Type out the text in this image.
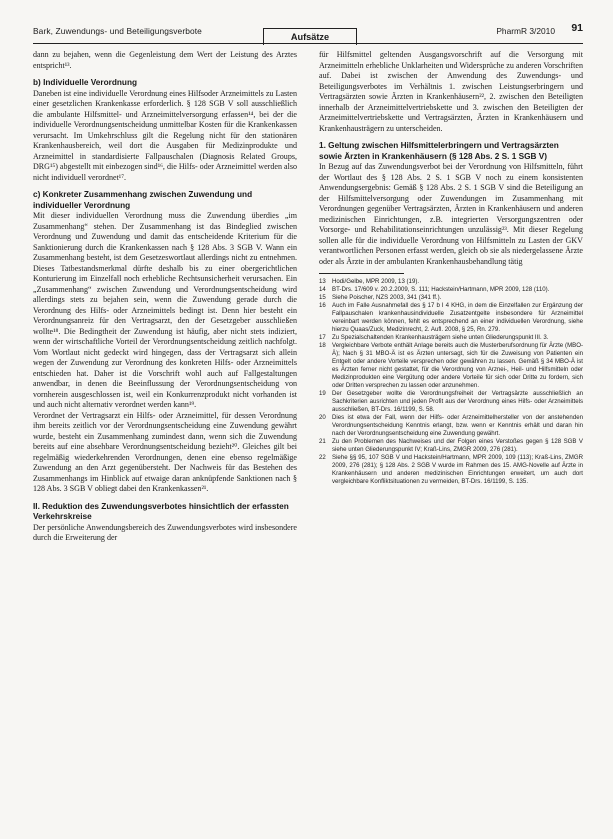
Bark, Zuwendungs- und Beteiligungsverbote
Aufsätze
PharmR 3/2010 91

dann zu bejahen, wenn die Gegenleistung dem Wert der Leistung des Arztes entspricht¹³.

b) Individuelle Verordnung

Daneben ist eine individuelle Verordnung eines Hilfsoder Arzneimittels zu Lasten einer gesetzlichen Krankenkasse erforderlich. § 128 SGB V soll ausschließlich die ambulante Hilfsmittel- und Arzneimittelversorgung erfassen¹⁴, bei der die individuelle Verordnungsentscheidung unmittelbar Kosten für die Krankenkassen verursacht. Im Umkehrschluss gilt die Regelung nicht für den stationären Krankenhausbereich, weil dort die Ausgaben für Medizinprodukte und Arzneimittel in standardisierte Fallpauschalen (Diagnosis Related Groups, DRG¹⁵) abgestellt mit einbezogen sind¹⁶, die Hilfs- oder Arzneimittel werden also nicht individuell verordnet¹⁷.

c) Konkreter Zusammenhang zwischen Zuwendung und individueller Verordnung

Mit dieser individuellen Verordnung muss die Zuwendung überdies „im Zusammenhang“ stehen. Der Zusammenhang ist das Bindeglied zwischen Verordnung und Zuwendung und damit das entscheidende Kriterium für die Sanktionierung durch die Krankenkassen nach § 128 Abs. 3 SGB V. Wann ein Zusammenhang besteht, ist dem Gesetzeswortlaut allerdings nicht zu entnehmen. Dieses Tatbestandsmerkmal dürfte deshalb bis zu einer obergerichtlichen Konturierung im Einzelfall noch erhebliche Rechtsunsicherheit verursachen. Ein „Zusammenhang“ zwischen Zuwendung und Verordnungsentscheidung wird allerdings stets zu bejahen sein, wenn die Zuwendung gerade durch die Verordnung des Hilfs- oder Arzneimittels bedingt ist. Denn hier besteht ein Verordnungsanreiz für den Vertragsarzt, den der Gesetzgeber ausschließen wollte¹⁸. Die Bedingtheit der Zuwendung ist häufig, aber nicht stets indiziert, wenn der wirtschaftliche Vorteil der Verordnungsentscheidung zeitlich nachfolgt. Vom Wortlaut nicht gedeckt wird hingegen, dass der Vertragsarzt sich allein wegen der Zuwendung zur Verordnung des konkreten Hilfs- oder Arzneimittels entschieden hat. Daher ist die Vorschrift wohl auch auf Fallgestaltungen anwendbar, in denen die Beeinflussung der Verordnungsentscheidung von vornherein ausgeschlossen ist, weil ein Konkurrenzprodukt nicht vorhanden ist und auch nicht alternativ verordnet werden kann¹⁹.

Verordnet der Vertragsarzt ein Hilfs- oder Arzneimittel, für dessen Verordnung ihm bereits zeitlich vor der Verordnungsentscheidung eine Zuwendung gewährt wurde, besteht ein Zusammenhang zumindest dann, wenn sich die Zuwendung bereits auf eine absehbare Verordnungsentscheidung bezieht²⁰. Gleiches gilt bei regelmäßig wiederkehrenden Verordnungen, denen eine ebenso regelmäßige Zuwendung an den Arzt gegenübersteht. Der Nachweis für das Bestehen des Zusammenhangs im Hinblick auf etwaige daran anknüpfende Sanktionen nach § 128 Abs. 3 SGB V obliegt dabei den Krankenkassen²¹.

II. Reduktion des Zuwendungsverbotes hinsichtlich der erfassten Verkehrskreise

Der persönliche Anwendungsbereich des Zuwendungsverbotes wird insbesondere durch die Erweiterung der

für Hilfsmittel geltenden Ausgangsvorschrift auf die Versorgung mit Arzneimitteln erhebliche Unklarheiten und Widersprüche zu anderen Vorschriften auf. Dabei ist zwischen der Anwendung des Zuwendungs- und Beteiligungsverbotes im Verhältnis 1. zwischen Leistungserbringern und Vertragsärzten sowie Ärzten in Krankenhäusern²², 2. zwischen den Beteiligten innerhalb der Arzneimittelvertriebskette und 3. zwischen den Beteiligten der Arzneimittelvertriebskette und Vertragsärzten, Ärzten in Krankenhäusern und Krankenhausträgern zu unterscheiden.

1. Geltung zwischen Hilfsmittelerbringern und Vertragsärzten sowie Ärzten in Krankenhäusern (§ 128 Abs. 2 S. 1 SGB V)

In Bezug auf das Zuwendungsverbot bei der Verordnung von Hilfsmitteln, führt der Wortlaut des § 128 Abs. 2 S. 1 SGB V noch zu einem konsistenten Anwendungsergebnis: Gemäß § 128 Abs. 2 S. 1 SGB V sind die Beteiligung an der Hilfsmittelversorgung oder Zuwendungen im Zusammenhang mit Verordnungen gegenüber Vertragsärzten, Ärzten in Krankenhäusern und anderen medizinischen Einrichtungen, z.B. integrierten Versorgungszentren oder Vorsorge- und Rehabilitationseinrichtungen unzulässig²³. Mit dieser Regelung sollen alle für die individuelle Verordnung von Hilfsmitteln zu Lasten der GKV verantwortlichen Personen erfasst werden, gleich ob sie als niedergelassene Ärzte oder als Ärzte in der ambulanten Krankenhausbehandlung tätig

13	Hodi/Gelbe, MPR 2009, 13 (19).
14	BT-Drs. 17/609 v. 20.2.2009, S. 111; Hackstein/Hartmann, MPR 2009, 128 (110).
15	Siehe Poischer, NZS 2003, 341 (341 ff.).
16	Auch im Falle Ausnahmefall des § 17 b I 4 KHG, in dem die Einzelfallen zur Ergänzung der Fallpauschalen krankenhausindividuelle Zusatzentgelte insbesondere für Arzneimittel vereinbart werden können, fehlt es entsprechend an einer individuellen Verordnung, siehe hierzu Quaas/Zuck, Medizinrecht, 2. Aufl. 2008, § 25, Rn. 279.
17	Zu Spezialschaltenden Krankenhausträgern siehe unten Gliederungspunkt III. 3.
18	Vergleichbare Verbote enthält Anlage bereits auch die Musterberufsordnung für Ärzte (MBO-Ä); Nach § 31 MBO-Ä ist es Ärzten untersagt, sich für die Zuweisung von Patienten ein Entgelt oder andere Vorteile versprechen oder gewähren zu lassen. Gemäß § 34 MBO-Ä ist es Ärzten ferner nicht gestattet, für die Verordnung von Arznei-, Heil- und Hilfsmitteln oder Medizinprodukten eine Vergütung oder andere Vorteile für sich oder Dritte zu fordern, sich oder Dritten versprechen zu lassen oder anzunehmen.
19	Der Gesetzgeber wollte die Verordnungsfreiheit der Vertragsärzte ausschließlich an Sachkriterien ausrichten und jeden Profit aus der Verordnung eines Hilfs- oder Arzneimittels ausschließen, BT-Drs. 16/1199, S. 58.
20	Dies ist etwa der Fall, wenn der Hilfs- oder Arzneimittelhersteller von der anstehenden Verordnungsentscheidung Kenntnis erlangt, bzw. wenn er Kenntnis erhält und daran hin nach der Verordnungsentscheidung eine Zuwendung gewährt.
21	Zu den Problemen des Nachweises und der Folgen eines Verstoßes gegen § 128 SGB V siehe unten Gliederungspunkt IV; Kraß-Lins, ZMGR 2009, 276 (281).
22	Siehe §§ 95, 107 SGB V und Hackstein/Hartmann, MPR 2009, 109 (113); Kraß-Lins, ZMGR 2009, 276 (281); § 128 Abs. 2 SGB V wurde im Rahmen des 15. AMG-Novelle auf Ärzte in Krankenhäusern und anderen medizinischen Einrichtungen erweitert, um auch dort vergleichbare Konfliktsituationen zu vermeiden, BT-Drs. 16/1199, S. 135.
